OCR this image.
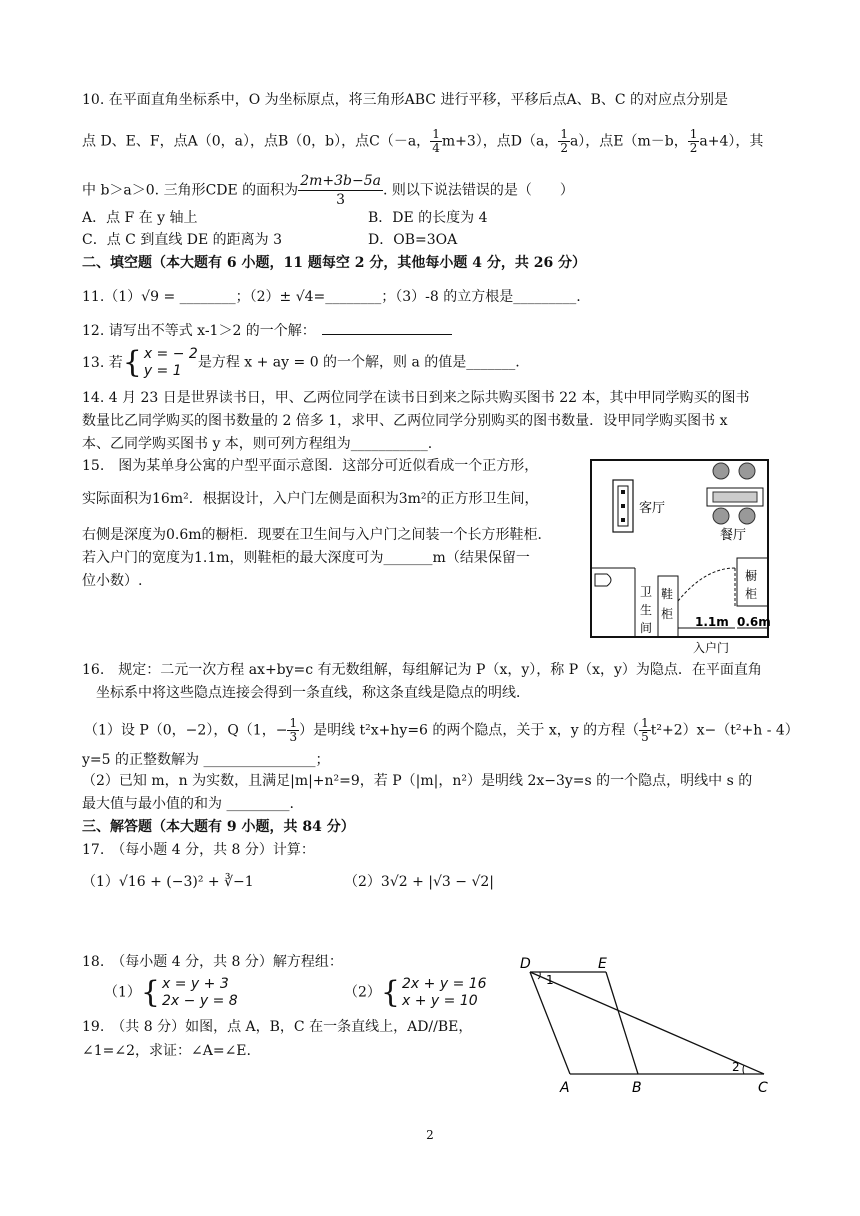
10. 在平面直角坐标系中，O 为坐标原点，将三角形ABC 进行平移，平移后点A、B、C 的对应点分别是
点 D、E、F，点A（0，a），点B（0，b），点C（－a， $\frac{1}{4} m+3$），点D（a， $\frac{1}{2} a$），点E（m－b， $\frac{1}{2} a+4$），其
中 b＞a＞0. 三角形CDE 的面积为 $\frac{2m+3b-5a}{3}$ . 则以下说法错误的是（　　）
A．点 F 在 y 轴上	B．DE 的长度为 4
C．点 C 到直线 DE 的距离为 3	D．OB=3OA
二、填空题（本大题有 6 小题，11 题每空 2 分，其他每小题 4 分，共 26 分）
11.（1）√9 = ________；（2）± √4=________；（3）-8 的立方根是_________.
12. 请写出不等式 x-1＞2 的一个解：
13. 若{ x = − 2
y = 1
是方程 x + ay = 0 的一个解，则 a 的值是_______.
14. 4 月 23 日是世界读书日，甲、乙两位同学在读书日到来之际共购买图书 22 本，其中甲同学购买的图书
数量比乙同学购买的图书数量的 2 倍多 1，求甲、乙两位同学分别购买的图书数量．设甲同学购买图书 x
本、乙同学购买图书 y 本，则可列方程组为___________.
15.　图为某单身公寓的户型平面示意图．这部分可近似看成一个正方形，
实际面积为16m²．根据设计，入户门左侧是面积为3m²的正方形卫生间，
右侧是深度为0.6m的橱柜．现要在卫生间与入户门之间装一个长方形鞋柜．
若入户门的宽度为1.1m，则鞋柜的最大深度可为_______m（结果保留一
位小数）.
客厅
餐厅
卫
生
间
鞋
柜
橱
柜
1.1m 0.6m
入户门
16.　规定：二元一次方程 ax+by=c 有无数组解，每组解记为 P（x，y），称 P（x，y）为隐点．在平面直角
坐标系中将这些隐点连接会得到一条直线，称这条直线是隐点的明线．
（1）设 P（0，−2），Q（1，− $\frac{1}{3}$ ）是明线 t²x+hy=6 的两个隐点，关于 x，y 的方程（ $\frac{1}{5} t^2+2)x-(t^2+h - 4)$
y=5 的正整数解为 ________________；
（2）已知 m，n 为实数，且满足|m|+n²=9，若 P（|m|，n²）是明线 2x−3y=s 的一个隐点，明线中 s 的
最大值与最小值的和为 _________.
三、解答题（本大题有 9 小题，共 84 分）
17.　（每小题 4 分，共 8 分）计算：
（1）√16 + (−3)² + ∛−1	（2）3√2 + |√3 − √2|
18.　（每小题 4 分，共 8 分）解方程组：
（1）{ x = y + 3
2x − y = 8
（2）{ 2x + y = 16
x + y = 10
19.　（共 8 分）如图，点 A，B，C 在一条直线上，AD//BE，
∠1=∠2，求证：∠A=∠E.
D	E
A	B	C
1
2
2
